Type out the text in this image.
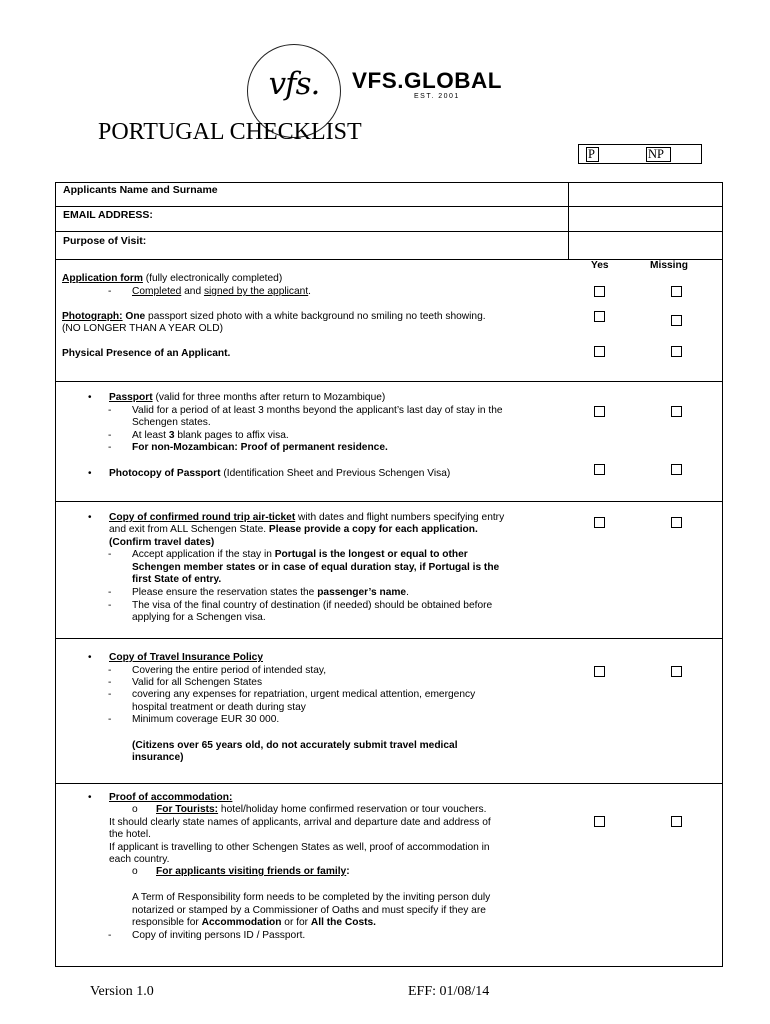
vfs.	VFS.GLOBAL
EST. 2001
PORTUGAL CHECKLIST
P	NP
Applicants Name and Surname
EMAIL ADDRESS:
Purpose of Visit:
Yes	Missing
Application form (fully electronically completed)
- Completed and signed by the applicant.
Photograph: One passport sized photo with a white background no smiling no teeth showing.
(NO LONGER THAN A YEAR OLD)
Physical Presence of an Applicant.
• Passport (valid for three months after return to Mozambique)
- Valid for a period of at least 3 months beyond the applicant’s last day of stay in the
Schengen states.
- At least 3 blank pages to affix visa.
- For non-Mozambican: Proof of permanent residence.
• Photocopy of Passport (Identification Sheet and Previous Schengen Visa)
• Copy of confirmed round trip air-ticket with dates and flight numbers specifying entry
and exit from ALL Schengen State. Please provide a copy for each application.
(Confirm travel dates)
- Accept application if the stay in Portugal is the longest or equal to other
Schengen member states or in case of equal duration stay, if Portugal is the
first State of entry.
- Please ensure the reservation states the passenger’s name.
- The visa of the final country of destination (if needed) should be obtained before
applying for a Schengen visa.
• Copy of Travel Insurance Policy
- Covering the entire period of intended stay,
- Valid for all Schengen States
- covering any expenses for repatriation, urgent medical attention, emergency
hospital treatment or death during stay
- Minimum coverage EUR 30 000.
(Citizens over 65 years old, do not accurately submit travel medical
insurance)
• Proof of accommodation:
o For Tourists: hotel/holiday home confirmed reservation or tour vouchers.
It should clearly state names of applicants, arrival and departure date and address of
the hotel.
If applicant is travelling to other Schengen States as well, proof of accommodation in
each country.
o For applicants visiting friends or family:
A Term of Responsibility form needs to be completed by the inviting person duly
notarized or stamped by a Commissioner of Oaths and must specify if they are
responsible for Accommodation or for All the Costs.
- Copy of inviting persons ID / Passport.
Version 1.0	EFF: 01/08/14
